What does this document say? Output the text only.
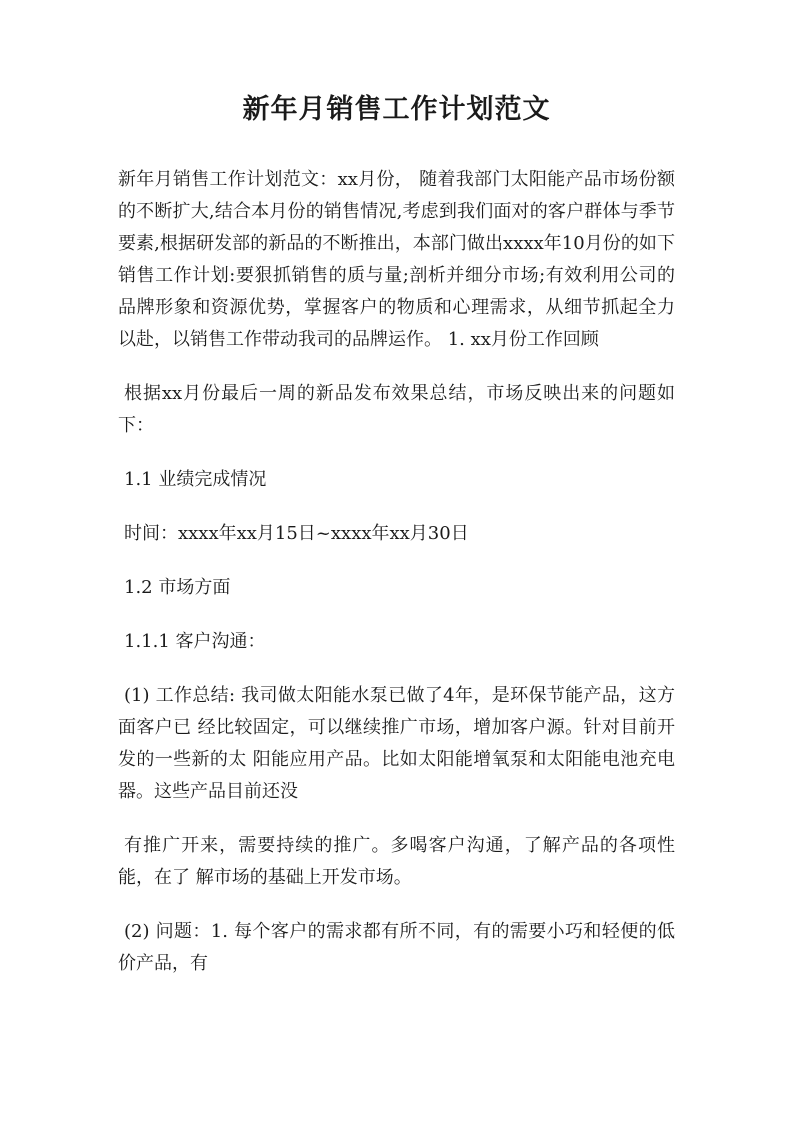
新年月销售工作计划范文

新年月销售工作计划范文：xx月份， 随着我部门太阳能产品市场份额的不断扩大,结合本月份的销售情况,考虑到我们面对的客户群体与季节要素,根据研发部的新品的不断推出，本部门做出xxxx年10月份的如下销售工作计划:要狠抓销售的质与量;剖析并细分市场;有效利用公司的品牌形象和资源优势，掌握客户的物质和心理需求，从细节抓起全力以赴，以销售工作带动我司的品牌运作。 1. xx月份工作回顾

根据xx月份最后一周的新品发布效果总结，市场反映出来的问题如下：

1.1 业绩完成情况

时间：xxxx年xx月15日~xxxx年xx月30日

1.2 市场方面

1.1.1 客户沟通：

(1) 工作总结: 我司做太阳能水泵已做了4年，是环保节能产品，这方面客户已 经比较固定，可以继续推广市场，增加客户源。针对目前开发的一些新的太 阳能应用产品。比如太阳能增氧泵和太阳能电池充电器。这些产品目前还没

有推广开来，需要持续的推广。多喝客户沟通，了解产品的各项性能，在了 解市场的基础上开发市场。

(2) 问题：1. 每个客户的需求都有所不同，有的需要小巧和轻便的低价产品，有
